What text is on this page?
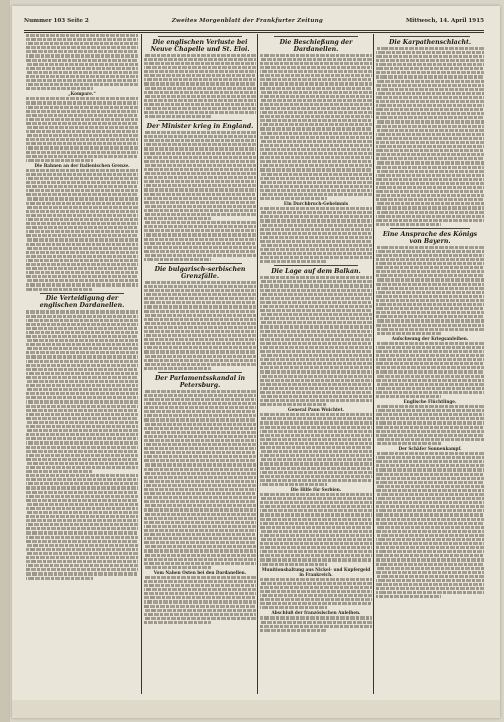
Nummer 103 Seite 2	Zweites Morgenblatt der Frankfurter Zeitung	Mittwoch, 14. April 1915
„Kompare.“
Die Bahnen an der italienischen Grenze.
Die Verteidigung der englischen Dardanellen.
Die englischen Verluste bei Neuve Chapelle und St. Eloi.
Der Minister krieg in England.
Die bulgarisch-serbischen Grenzfälle.
Der Parlamentsskandal in Petersburg.
Vom Nahen Osten bei den Dardanellen.
Die Beschießung der Dardanellen.
Ein Durchbruch-Geheimnis
Die Lage auf dem Balkan.
General Paun Wuichtet.
Die Hilfe für Serbien.
Munitionshaltung aus Nickel- und Kupfergeld in Frankreich.
Abschluß der französischen Anleihen.
Die Karpathenschlacht.
Eine Ansprache des Königs von Bayern.
Aufschwung der Kriegsanleihen.
Englische Flüchtlinge.
Der Schäfer Sonnenkampf.
